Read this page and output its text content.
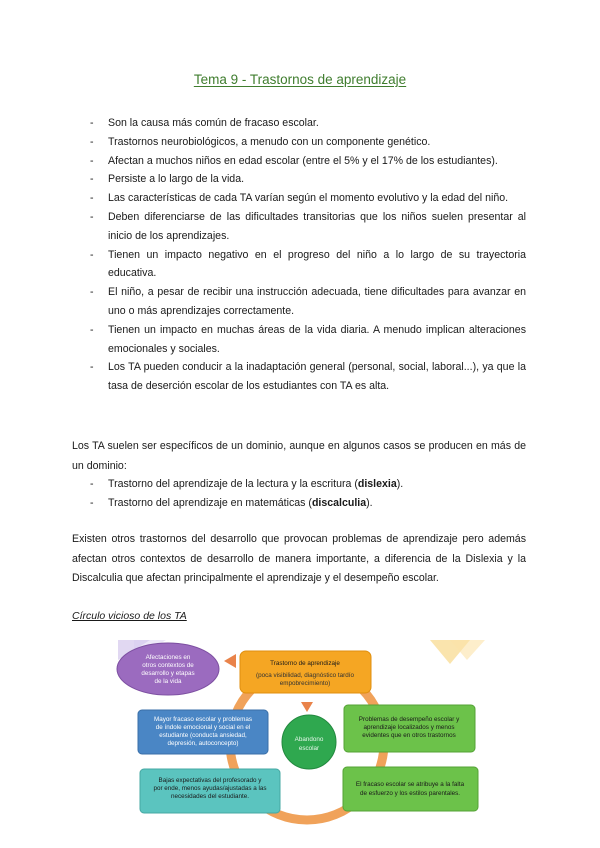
Tema 9 - Trastornos de aprendizaje
- Son la causa más común de fracaso escolar.
- Trastornos neurobiológicos, a menudo con un componente genético.
- Afectan a muchos niños en edad escolar (entre el 5% y el 17% de los estudiantes).
- Persiste a lo largo de la vida.
- Las características de cada TA varían según el momento evolutivo y la edad del niño.
- Deben diferenciarse de las dificultades transitorias que los niños suelen presentar al inicio de los aprendizajes.
- Tienen un impacto negativo en el progreso del niño a lo largo de su trayectoria educativa.
- El niño, a pesar de recibir una instrucción adecuada, tiene dificultades para avanzar en uno o más aprendizajes correctamente.
- Tienen un impacto en muchas áreas de la vida diaria. A menudo implican alteraciones emocionales y sociales.
- Los TA pueden conducir a la inadaptación general (personal, social, laboral...), ya que la tasa de deserción escolar de los estudiantes con TA es alta.

Los TA suelen ser específicos de un dominio, aunque en algunos casos se producen en más de un dominio:

- Trastorno del aprendizaje de la lectura y la escritura (dislexia).
- Trastorno del aprendizaje en matemáticas (discalculia).

Existen otros trastornos del desarrollo que provocan problemas de aprendizaje pero además afectan otros contextos de desarrollo de manera importante, a diferencia de la Dislexia y la Discalculia que afectan principalmente el aprendizaje y el desempeño escolar.

Círculo vicioso de los TA
Trastorno de aprendizaje
(poca visibilidad, diagnóstico tardío
empobrecimiento)
Afectaciones en
otros contextos de
desarrollo y etapas
de la vida
Mayor fracaso escolar y problemas
de índole emocional y social en el
estudiante (conducta ansiedad,
depresión, autoconcepto)
Problemas de desempeño escolar y
aprendizaje localizados y menos
evidentes que en otros trastornos
Abandono
escolar
Bajas expectativas del profesorado y
por ende, menos ayudas/ajustadas a las
necesidades del estudiante.
El fracaso escolar se atribuye a la falta
de esfuerzo y los estilos parentales.
